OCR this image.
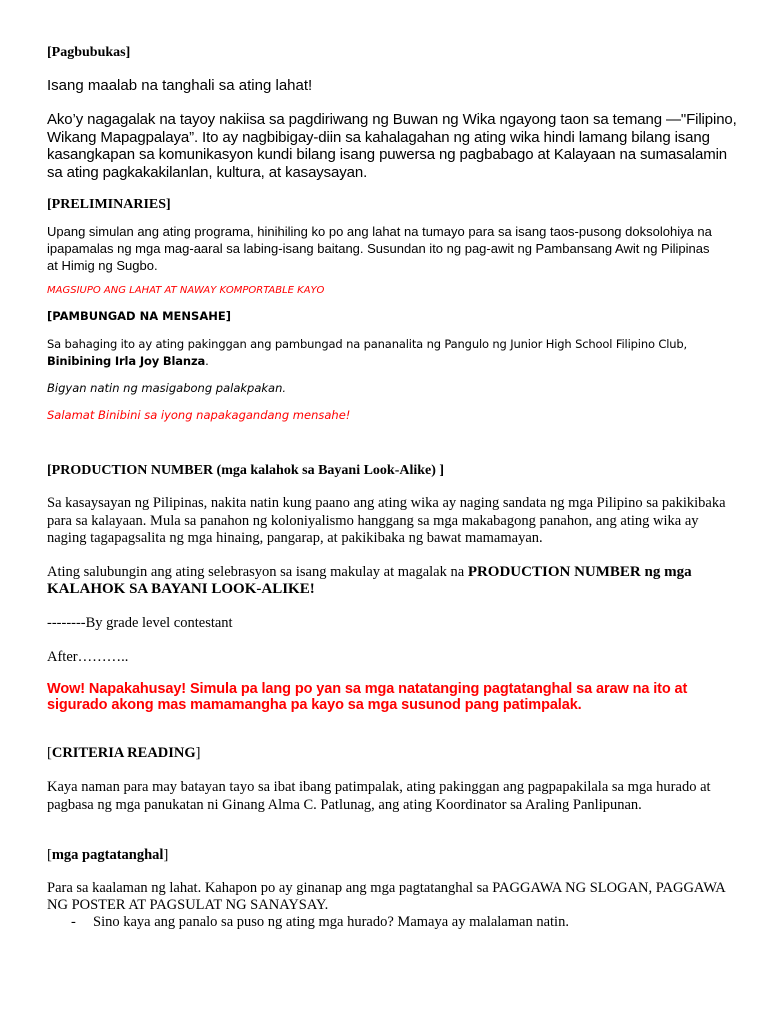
[Pagbubukas]

Isang maalab na tanghali sa ating lahat!

Ako’y nagagalak na tayoy nakiisa sa pagdiriwang ng Buwan ng Wika ngayong taon sa temang —"Filipino, Wikang Mapagpalaya”. Ito ay nagbibigay-diin sa kahalagahan ng ating wika hindi lamang bilang isang kasangkapan sa komunikasyon kundi bilang isang puwersa ng pagbabago at Kalayaan na sumasalamin sa ating pagkakakilanlan, kultura, at kasaysayan.

[PRELIMINARIES]

Upang simulan ang ating programa, hinihiling ko po ang lahat na tumayo para sa isang taos-pusong doksolohiya na ipapamalas ng mga mag-aaral sa labing-isang baitang. Susundan ito ng pag-awit ng Pambansang Awit ng Pilipinas at Himig ng Sugbo.

MAGSIUPO ANG LAHAT AT NAWAY KOMPORTABLE KAYO

[PAMBUNGAD NA MENSAHE]

Sa bahaging ito ay ating pakinggan ang pambungad na pananalita ng Pangulo ng Junior High School Filipino Club, Binibining Irla Joy Blanza.

Bigyan natin ng masigabong palakpakan.

Salamat Binibini sa iyong napakagandang mensahe!

[PRODUCTION NUMBER (mga kalahok sa Bayani Look-Alike) ]

Sa kasaysayan ng Pilipinas, nakita natin kung paano ang ating wika ay naging sandata ng mga Pilipino sa pakikibaka para sa kalayaan. Mula sa panahon ng koloniyalismo hanggang sa mga makabagong panahon, ang ating wika ay naging tagapagsalita ng mga hinaing, pangarap, at pakikibaka ng bawat mamamayan.

Ating salubungin ang ating selebrasyon sa isang makulay at magalak na PRODUCTION NUMBER ng mga KALAHOK SA BAYANI LOOK-ALIKE!

--------By grade level contestant

After………..

Wow! Napakahusay! Simula pa lang po yan sa mga natatanging pagtatanghal sa araw na ito at sigurado akong mas mamamangha pa kayo sa mga susunod pang patimpalak.

[CRITERIA READING]

Kaya naman para may batayan tayo sa ibat ibang patimpalak, ating pakinggan ang pagpapakilala sa mga hurado at pagbasa ng mga panukatan ni Ginang Alma C. Patlunag, ang ating Koordinator sa Araling Panlipunan.

[mga pagtatanghal]

Para sa kaalaman ng lahat. Kahapon po ay ginanap ang mga pagtatanghal sa PAGGAWA NG SLOGAN, PAGGAWA NG POSTER AT PAGSULAT NG SANAYSAY.

-	Sino kaya ang panalo sa puso ng ating mga hurado? Mamaya ay malalaman natin.
